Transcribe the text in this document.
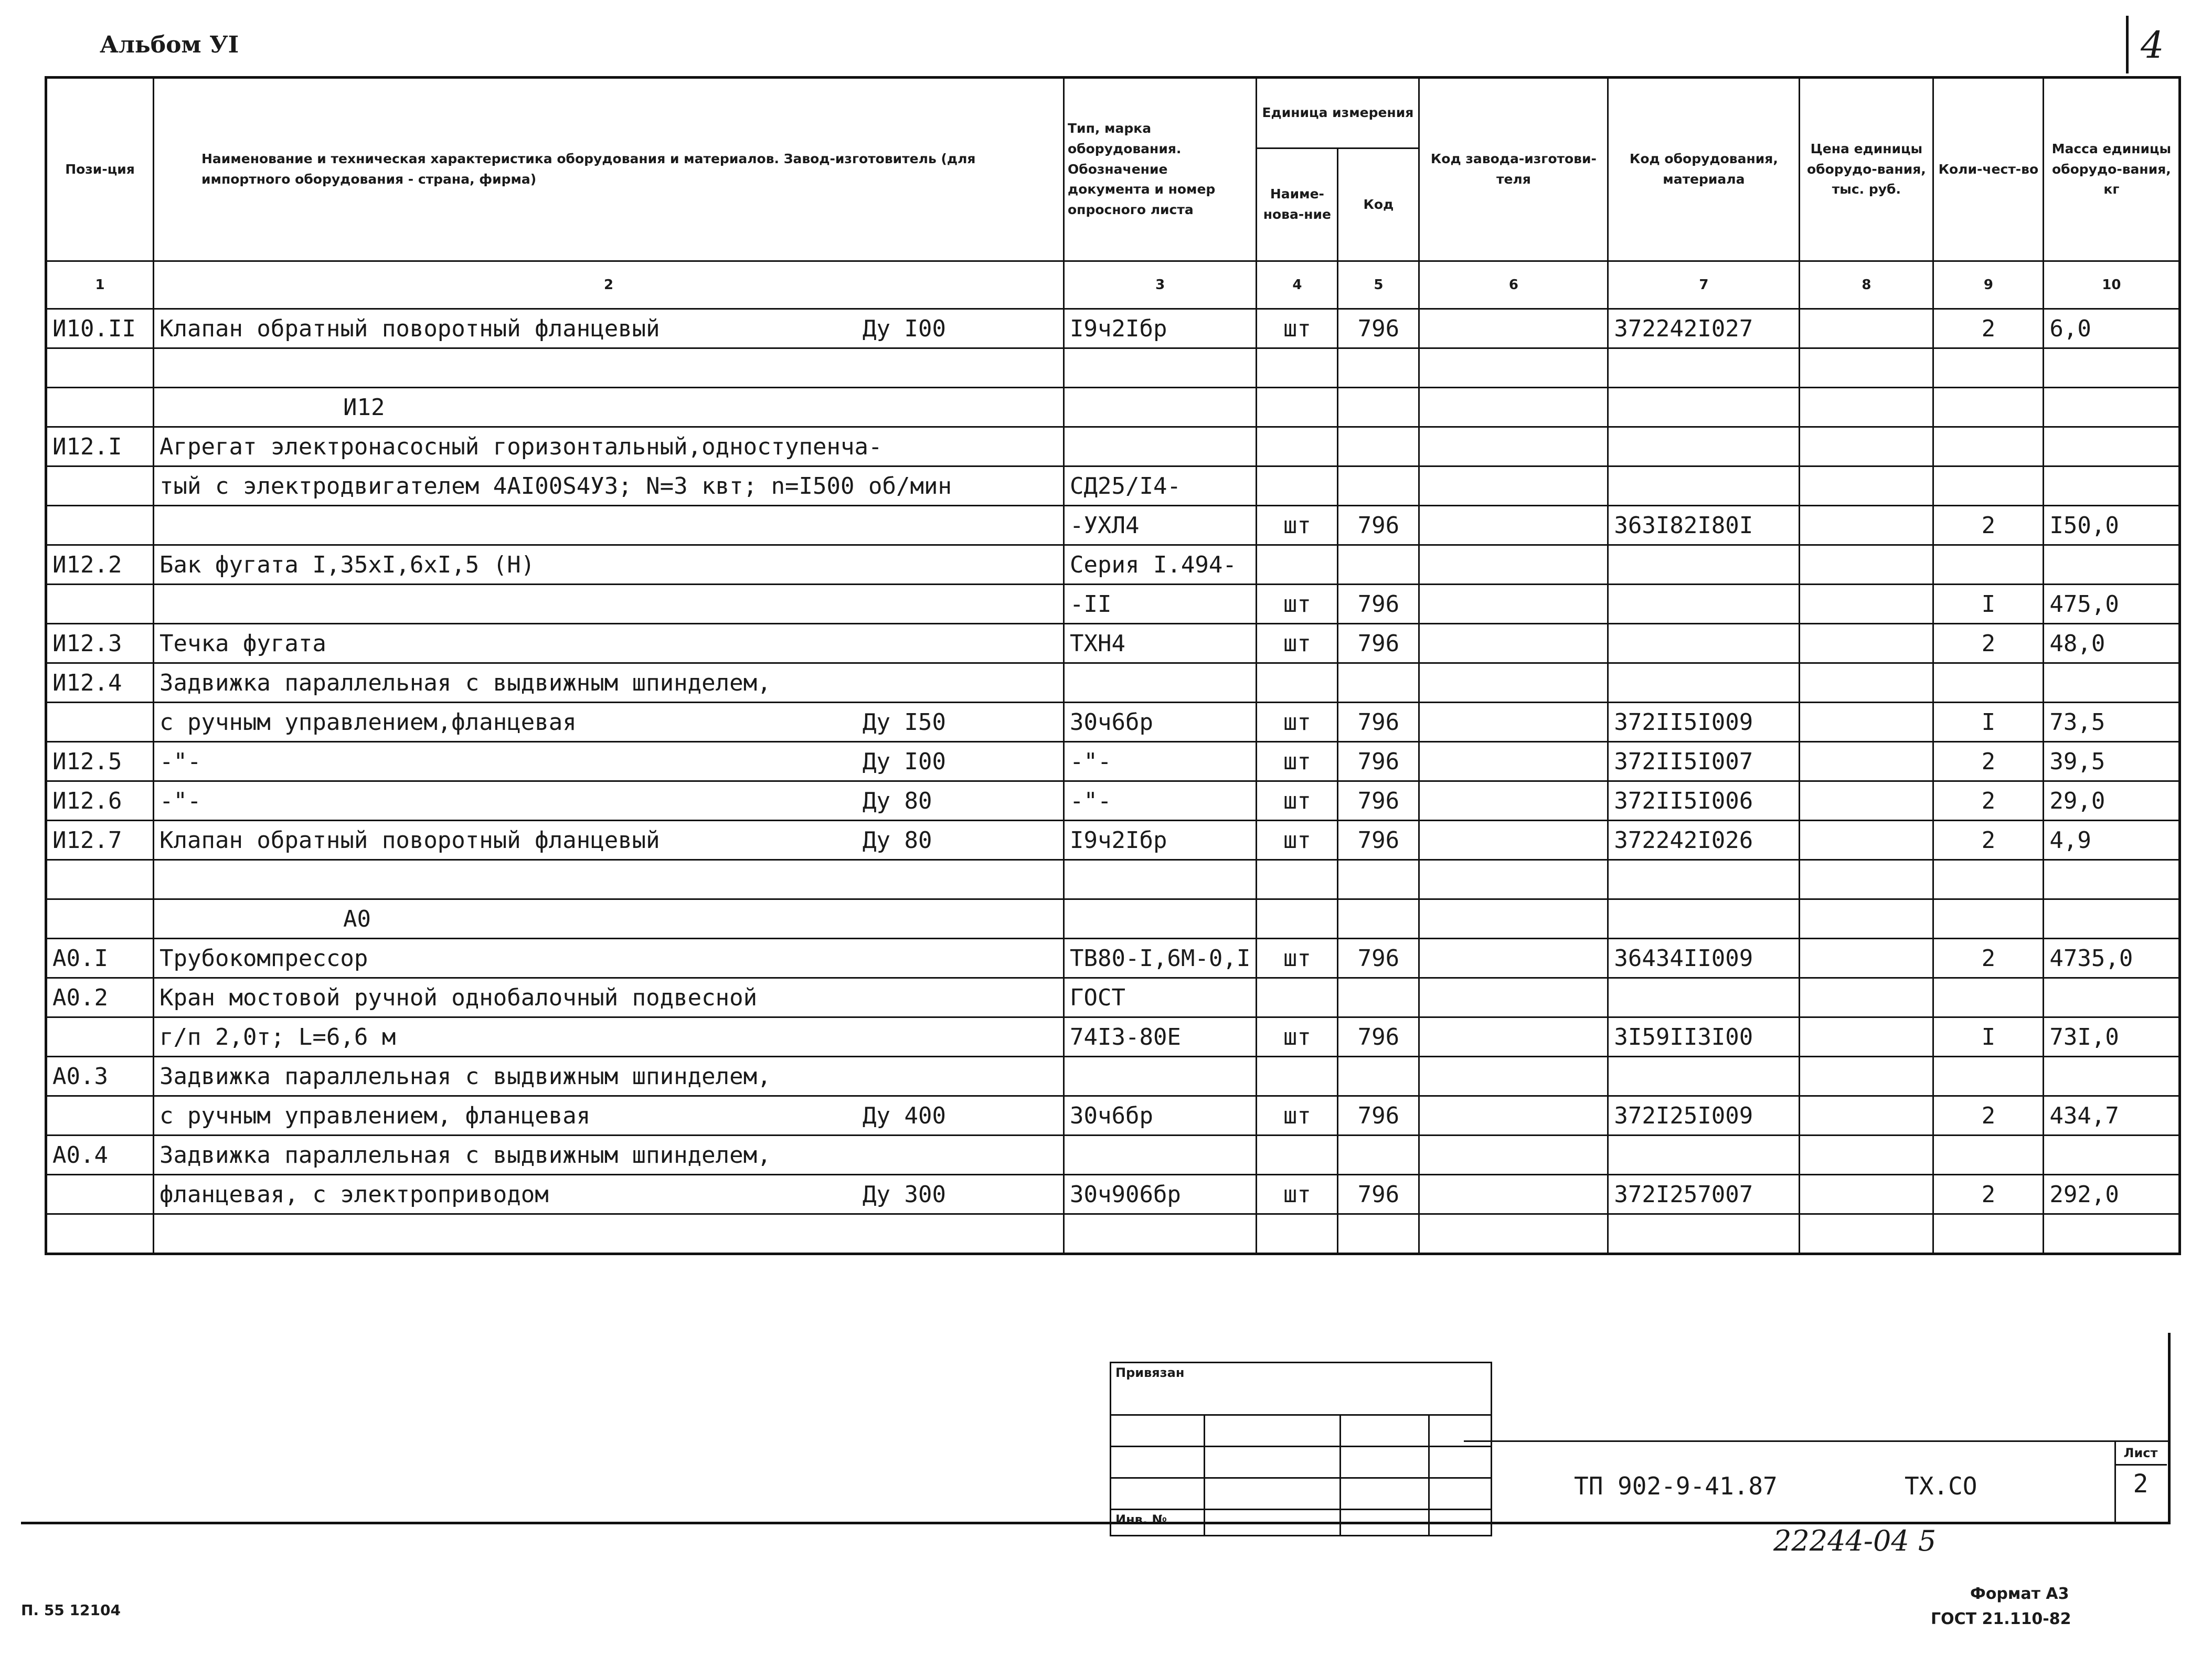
Альбом УI	4
Пози-ция	Наименование и техническая характеристика оборудования и материалов. Завод-изготовитель (для импортного оборудования - страна, фирма)	Тип, марка оборудования. Обозначение документа и номер опросного листа	Единица измерения		Код завода-изготови-теля	Код оборудования, материала	Цена единицы оборудо-вания, тыс. руб.	Коли-чест-во	Масса единицы оборудо-вания, кг
			Наиме-нова-ние	Код					
1	2	3	4	5	6	7	8	9	10
И10.II	Клапан обратный поворотный фланцевый Ду I00	I9ч2Iбр	шт	796		372242I027		2	6,0

	И12								

И12.I	Агрегат электронасосный горизонтальный,одноступенча-								

	тый с электродвигателем 4АI00S4У3; N=3 квт; n=I500 об/мин	СД25/I4-							

	-УХЛ4	шт	796		363I82I80I		2	I50,0
И12.2	Бак фугата I,35хI,6хI,5 (Н)	Серия I.494-							

	-II	шт	796				I	475,0
И12.3	Течка фугата	ТХН4	шт	796				2	48,0
И12.4	Задвижка параллельная с выдвижным шпинделем,								

	с ручным управлением,фланцевая Ду I50	30ч6бр	шт	796		372II5I009		I	73,5
И12.5	-"- Ду I00	-"-	шт	796		372II5I007		2	39,5
И12.6	-"- Ду 80	-"-	шт	796		372II5I006		2	29,0
И12.7	Клапан обратный поворотный фланцевый Ду 80	I9ч2Iбр	шт	796		372242I026		2	4,9

	А0								

А0.I	Трубокомпрессор	ТВ80-I,6М-0,I	шт	796		36434II009		2	4735,0
А0.2	Кран мостовой ручной однобалочный подвесной	ГОСТ							

	г/п 2,0т; L=6,6 м	74I3-80Е	шт	796		3I59II3I00		I	73I,0
А0.3	Задвижка параллельная с выдвижным шпинделем,								

	с ручным управлением, фланцевая Ду 400	30ч6бр	шт	796		372I25I009		2	434,7
А0.4	Задвижка параллельная с выдвижным шпинделем,								

	фланцевая, с электроприводом Ду 300	30ч906бр	шт	796		372I257007		2	292,0

Привязан			

Инв. №			
ТП 902-9-41.87	ТХ.СО
Лист
2
22244-04 5
Формат А3
ГОСТ 21.110-82
П. 55 12104
